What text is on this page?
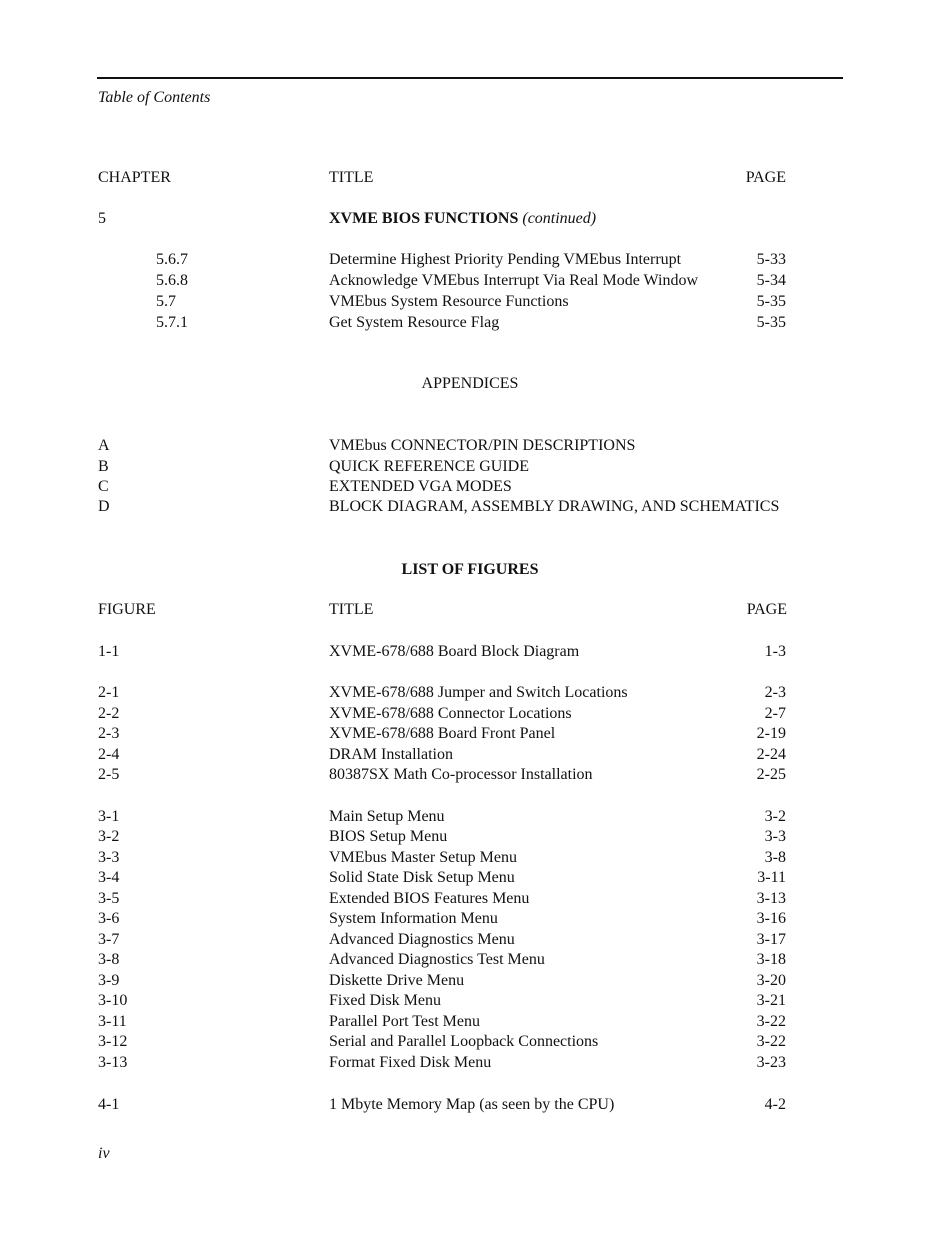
Table of Contents
CHAPTER	TITLE	PAGE
5	XVME BIOS FUNCTIONS (continued)
5.6.7	Determine Highest Priority Pending VMEbus Interrupt	5-33
5.6.8	Acknowledge VMEbus Interrupt Via Real Mode Window	5-34
5.7	VMEbus System Resource Functions	5-35
5.7.1	Get System Resource Flag	5-35
APPENDICES
A	VMEbus CONNECTOR/PIN DESCRIPTIONS
B	QUICK REFERENCE GUIDE
C	EXTENDED VGA MODES
D	BLOCK DIAGRAM, ASSEMBLY DRAWING, AND SCHEMATICS
LIST OF FIGURES
FIGURE	TITLE	PAGE
1-1	XVME-678/688 Board Block Diagram	1-3
2-1	XVME-678/688 Jumper and Switch Locations	2-3
2-2	XVME-678/688 Connector Locations	2-7
2-3	XVME-678/688 Board Front Panel	2-19
2-4	DRAM Installation	2-24
2-5	80387SX Math Co-processor Installation	2-25
3-1	Main Setup Menu	3-2
3-2	BIOS Setup Menu	3-3
3-3	VMEbus Master Setup Menu	3-8
3-4	Solid State Disk Setup Menu	3-11
3-5	Extended BIOS Features Menu	3-13
3-6	System Information Menu	3-16
3-7	Advanced Diagnostics Menu	3-17
3-8	Advanced Diagnostics Test Menu	3-18
3-9	Diskette Drive Menu	3-20
3-10	Fixed Disk Menu	3-21
3-11	Parallel Port Test Menu	3-22
3-12	Serial and Parallel Loopback Connections	3-22
3-13	Format Fixed Disk Menu	3-23
4-1	1 Mbyte Memory Map (as seen by the CPU)	4-2
iv
